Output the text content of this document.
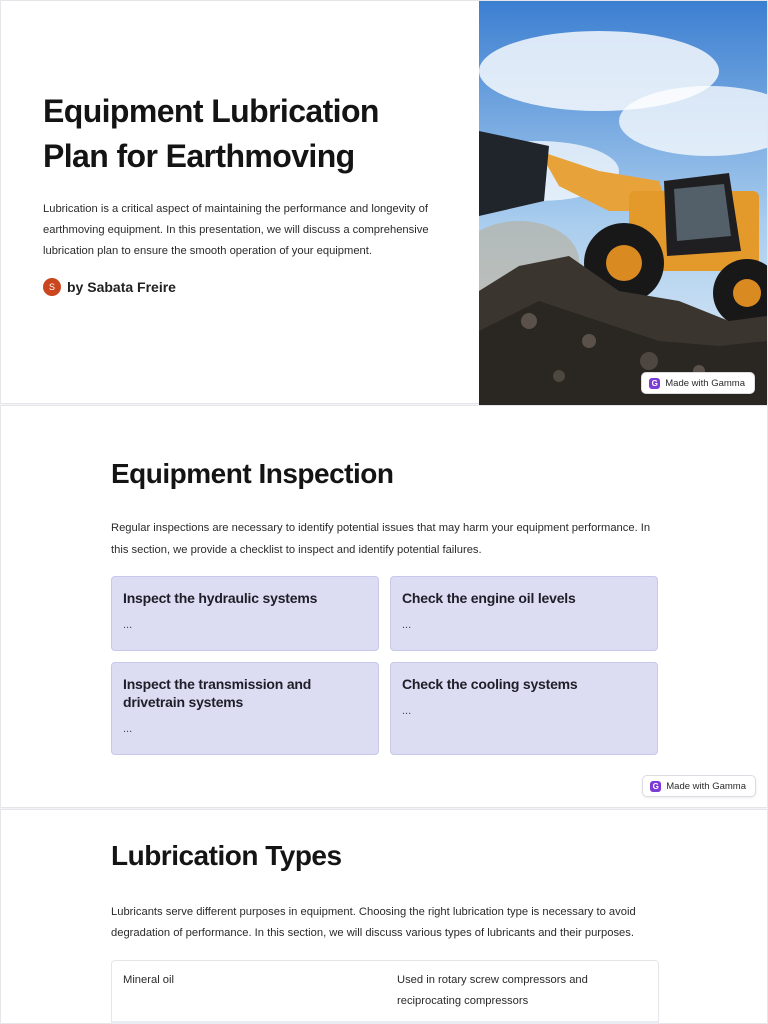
Equipment Lubrication Plan for Earthmoving

Lubrication is a critical aspect of maintaining the performance and longevity of earthmoving equipment. In this presentation, we will discuss a comprehensive lubrication plan to ensure the smooth operation of your equipment.

S by Sabata Freire
G Made with Gamma
Equipment Inspection

Regular inspections are necessary to identify potential issues that may harm your equipment performance. In this section, we provide a checklist to inspect and identify potential failures.

Inspect the hydraulic systems
...
Check the engine oil levels
...
Inspect the transmission and drivetrain systems
...
Check the cooling systems
...
G Made with Gamma
Lubrication Types

Lubricants serve different purposes in equipment. Choosing the right lubrication type is necessary to avoid degradation of performance. In this section, we will discuss various types of lubricants and their purposes.

Mineral oil	Used in rotary screw compressors and reciprocating compressors
